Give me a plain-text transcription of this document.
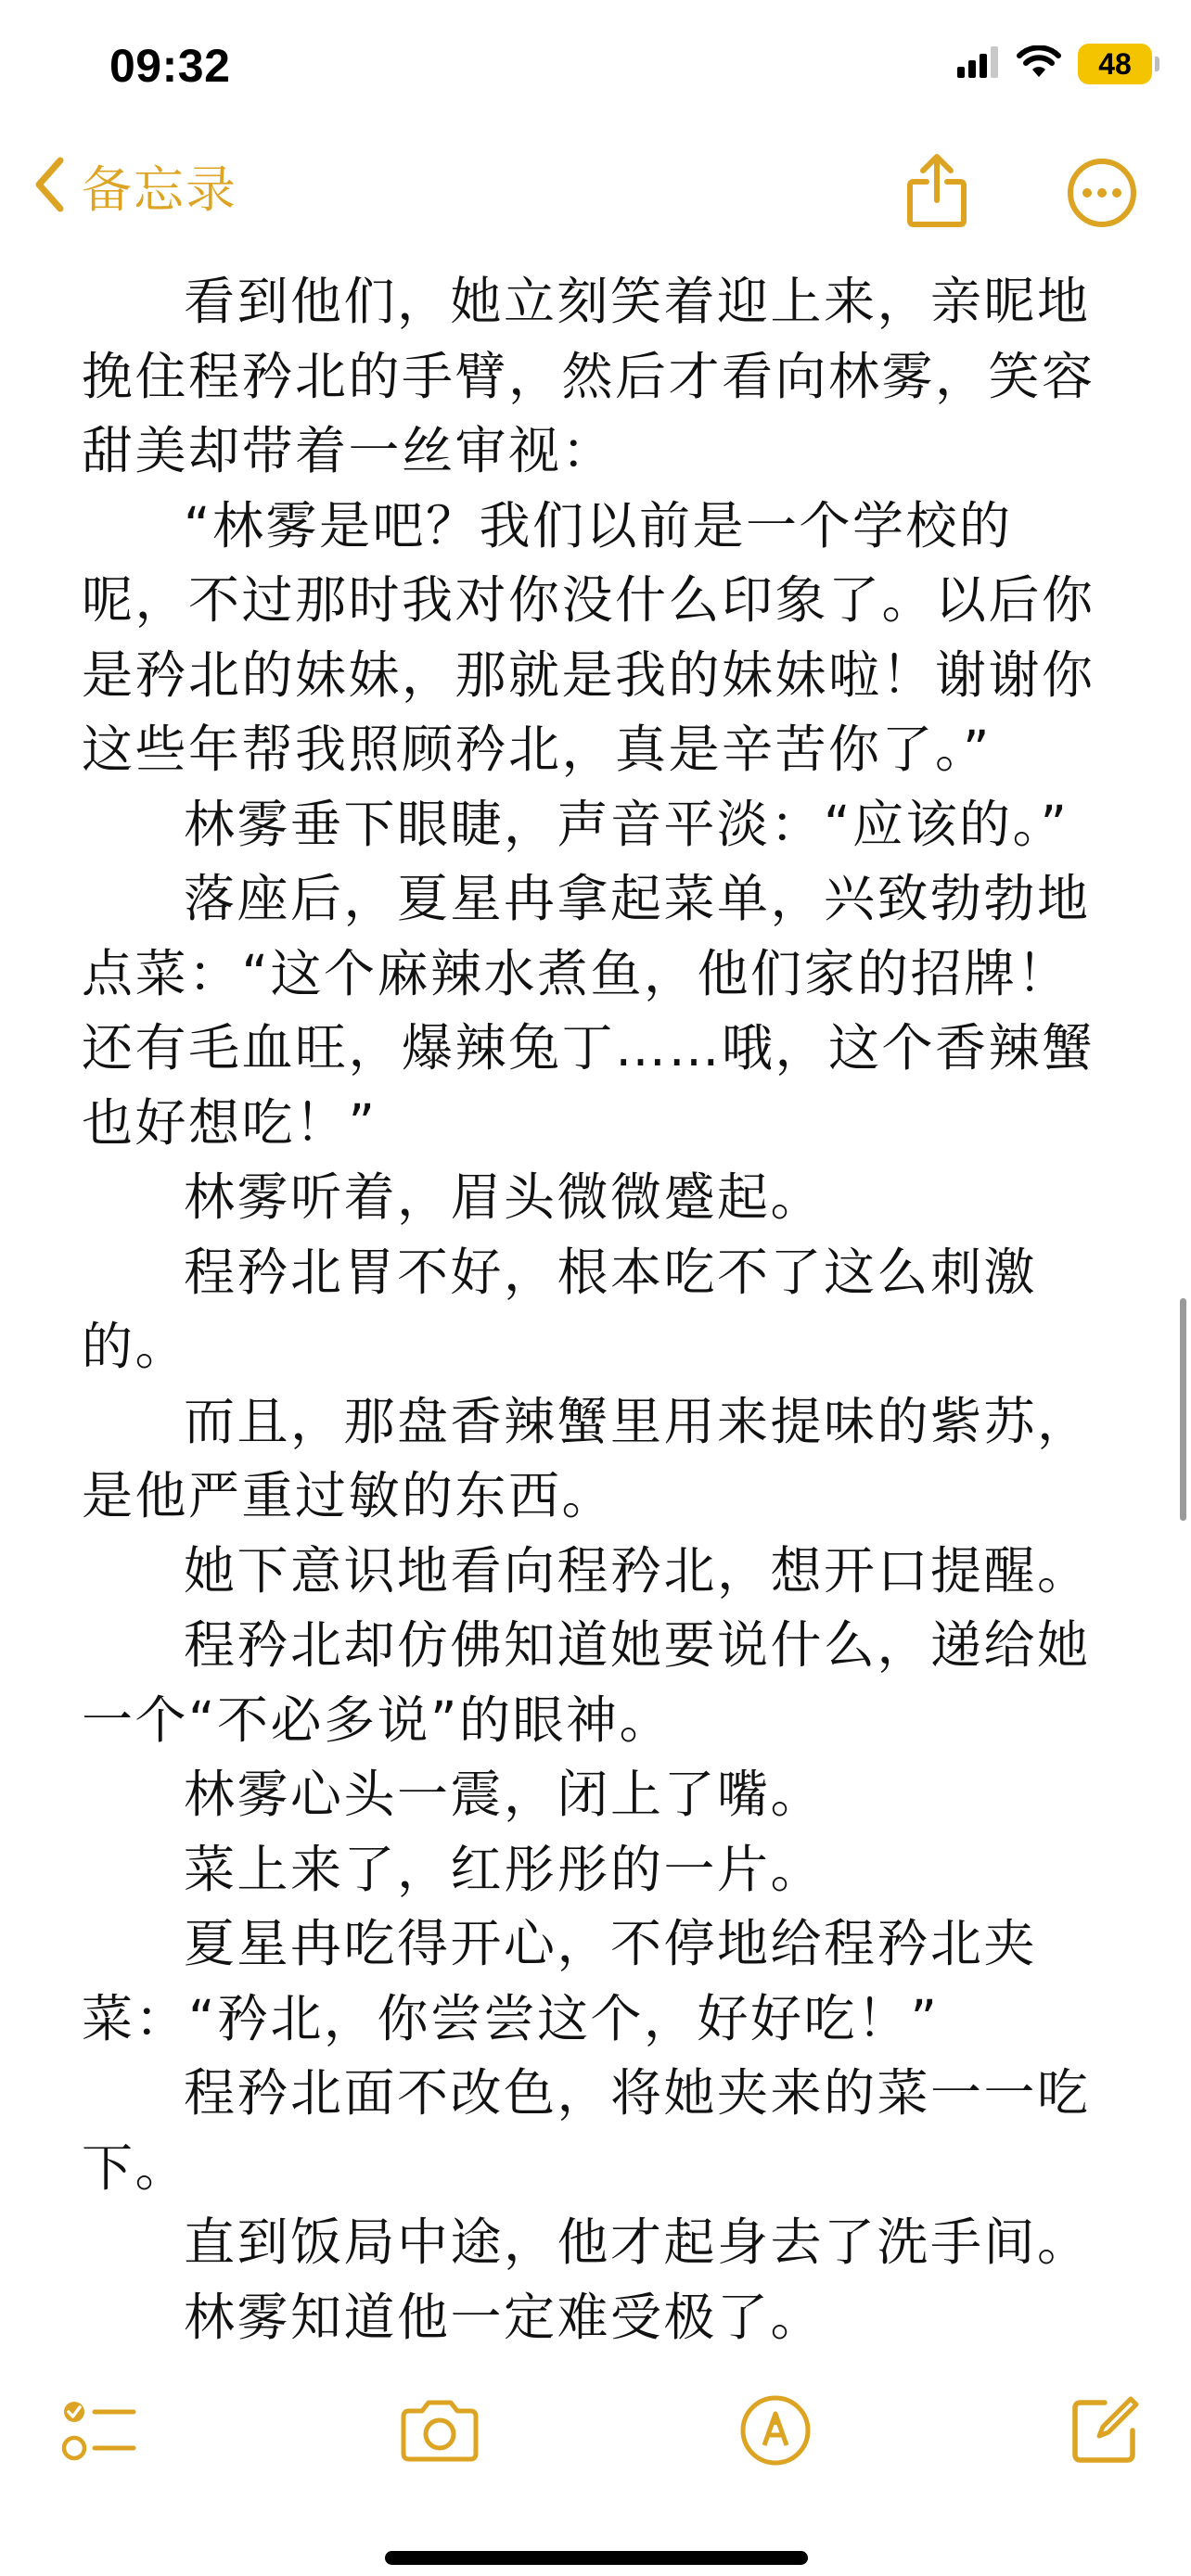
09:32	48

备忘录

看到他们，她立刻笑着迎上来，亲昵地挽住程矜北的手臂，然后才看向林雾，笑容甜美却带着一丝审视：

“林雾是吧？我们以前是一个学校的呢，不过那时我对你没什么印象了。以后你是矜北的妹妹，那就是我的妹妹啦！谢谢你这些年帮我照顾矜北，真是辛苦你了。”

林雾垂下眼睫，声音平淡：“应该的。”

落座后，夏星冉拿起菜单，兴致勃勃地点菜：“这个麻辣水煮鱼，他们家的招牌！还有毛血旺，爆辣兔丁……哦，这个香辣蟹也好想吃！”

林雾听着，眉头微微蹙起。

程矜北胃不好，根本吃不了这么刺激的。

而且，那盘香辣蟹里用来提味的紫苏，是他严重过敏的东西。

她下意识地看向程矜北，想开口提醒。

程矜北却仿佛知道她要说什么，递给她一个“不必多说”的眼神。

林雾心头一震，闭上了嘴。

菜上来了，红彤彤的一片。

夏星冉吃得开心，不停地给程矜北夹菜：“矜北，你尝尝这个，好好吃！”

程矜北面不改色，将她夹来的菜一一吃下。

直到饭局中途，他才起身去了洗手间。

林雾知道他一定难受极了。
